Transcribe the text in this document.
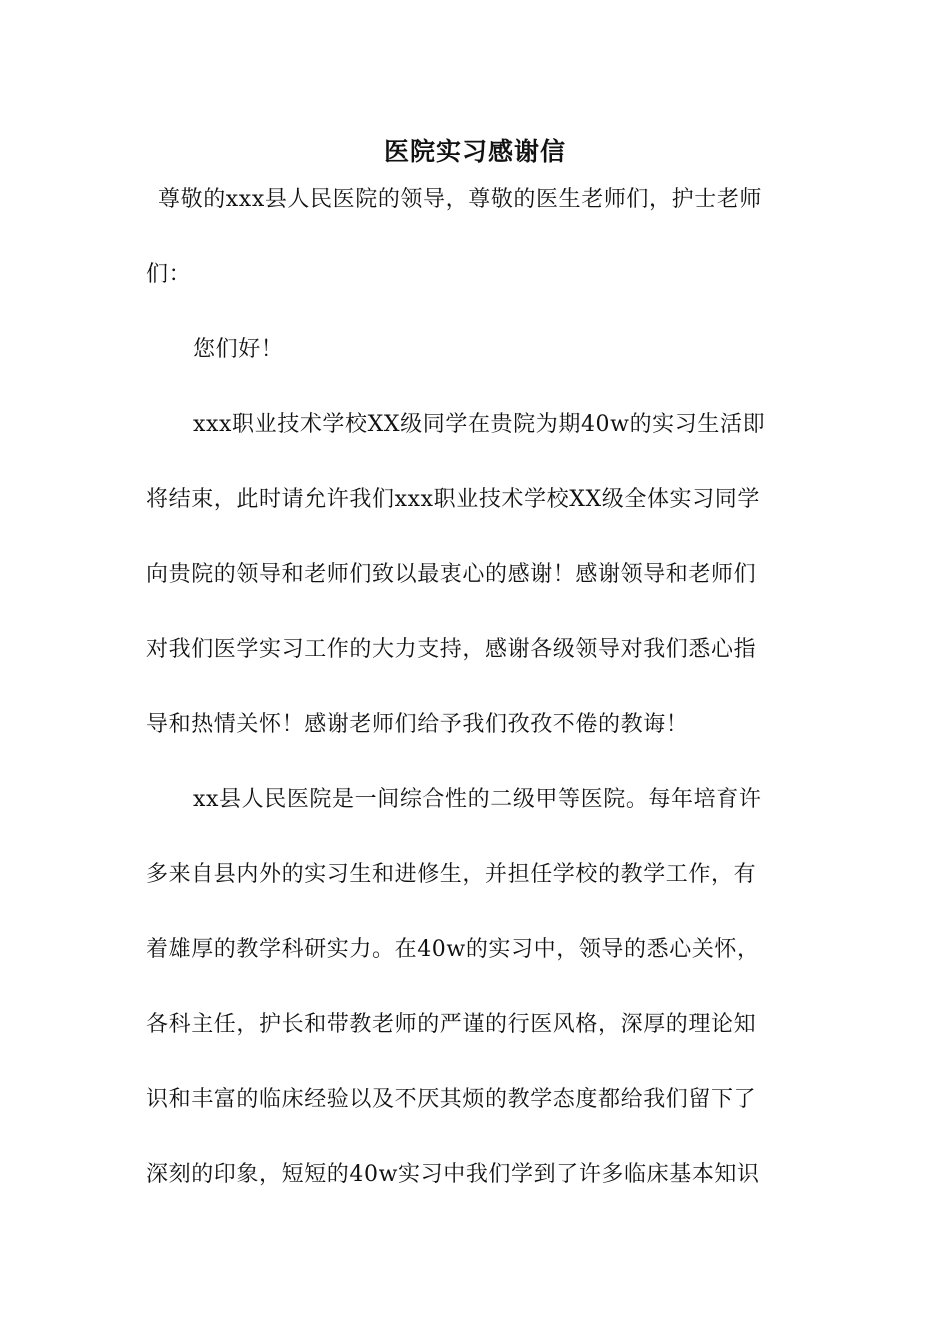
医院实习感谢信

尊敬的xxx县人民医院的领导，尊敬的医生老师们，护士老师

们：

您们好！

xxx职业技术学校XX级同学在贵院为期40w的实习生活即

将结束，此时请允许我们xxx职业技术学校XX级全体实习同学

向贵院的领导和老师们致以最衷心的感谢！感谢领导和老师们

对我们医学实习工作的大力支持，感谢各级领导对我们悉心指

导和热情关怀！感谢老师们给予我们孜孜不倦的教诲！

xx县人民医院是一间综合性的二级甲等医院。每年培育许

多来自县内外的实习生和进修生，并担任学校的教学工作，有

着雄厚的教学科研实力。在40w的实习中，领导的悉心关怀，

各科主任，护长和带教老师的严谨的行医风格，深厚的理论知

识和丰富的临床经验以及不厌其烦的教学态度都给我们留下了

深刻的印象，短短的40w实习中我们学到了许多临床基本知识
